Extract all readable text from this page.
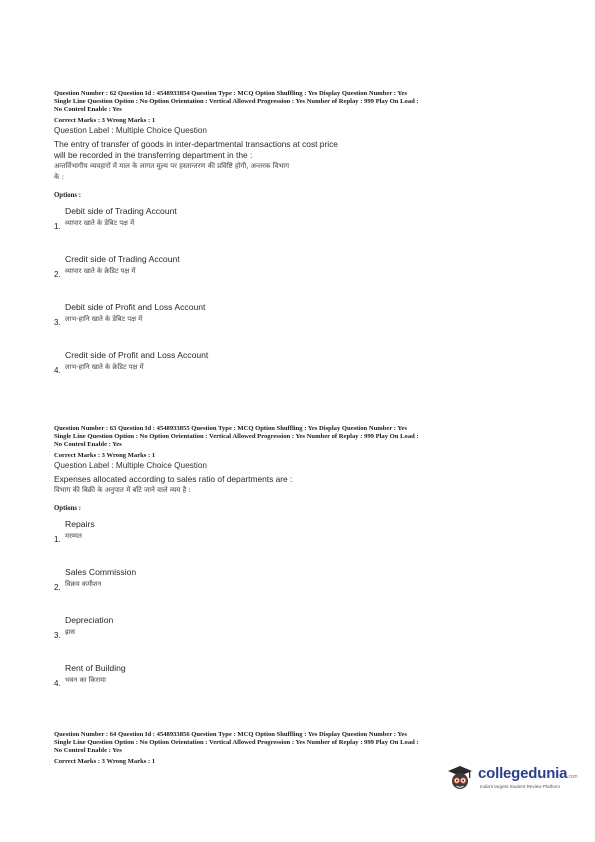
Question Number : 62 Question Id : 4548933854 Question Type : MCQ Option Shuffling : Yes Display Question Number : Yes
Single Line Question Option : No Option Orientation : Vertical Allowed Progression : Yes Number of Replay : 999 Play On Load :
No Control Enable : Yes
Correct Marks : 3 Wrong Marks : 1
Question Label : Multiple Choice Question
The entry of transfer of goods in inter-departmental transactions at cost price
will be recorded in the transferring department in the :
अन्तर्विभागीय व्यवहारों में माल के लागत मूल्य पर हस्तान्तरण की प्रविष्टि होगी, अन्तरक विभाग
के :
Options :
Debit side of Trading Account
व्यापार खाते के डेबिट पक्ष में
1.
Credit side of Trading Account
व्यापार खाते के क्रेडिट पक्ष में
2.
Debit side of Profit and Loss Account
लाभ-हानि खाते के डेबिट पक्ष में
3.
Credit side of Profit and Loss Account
लाभ-हानि खाते के क्रेडिट पक्ष में
4.
Question Number : 63 Question Id : 4548933855 Question Type : MCQ Option Shuffling : Yes Display Question Number : Yes
Single Line Question Option : No Option Orientation : Vertical Allowed Progression : Yes Number of Replay : 999 Play On Load :
No Control Enable : Yes
Correct Marks : 3 Wrong Marks : 1
Question Label : Multiple Choice Question
Expenses allocated according to sales ratio of departments are :
विभाग की बिक्री के अनुपात में बाँटे जाने वाले व्यय है :
Options :
Repairs
मरम्मत
1.
Sales Commission
विक्रय कमीशन
2.
Depreciation
ह्रास
3.
Rent of Building
भवन का किराया
4.
Question Number : 64 Question Id : 4548933856 Question Type : MCQ Option Shuffling : Yes Display Question Number : Yes
Single Line Question Option : No Option Orientation : Vertical Allowed Progression : Yes Number of Replay : 999 Play On Load :
No Control Enable : Yes
Correct Marks : 3 Wrong Marks : 1
collegedunia.com
India's largest Student Review Platform
